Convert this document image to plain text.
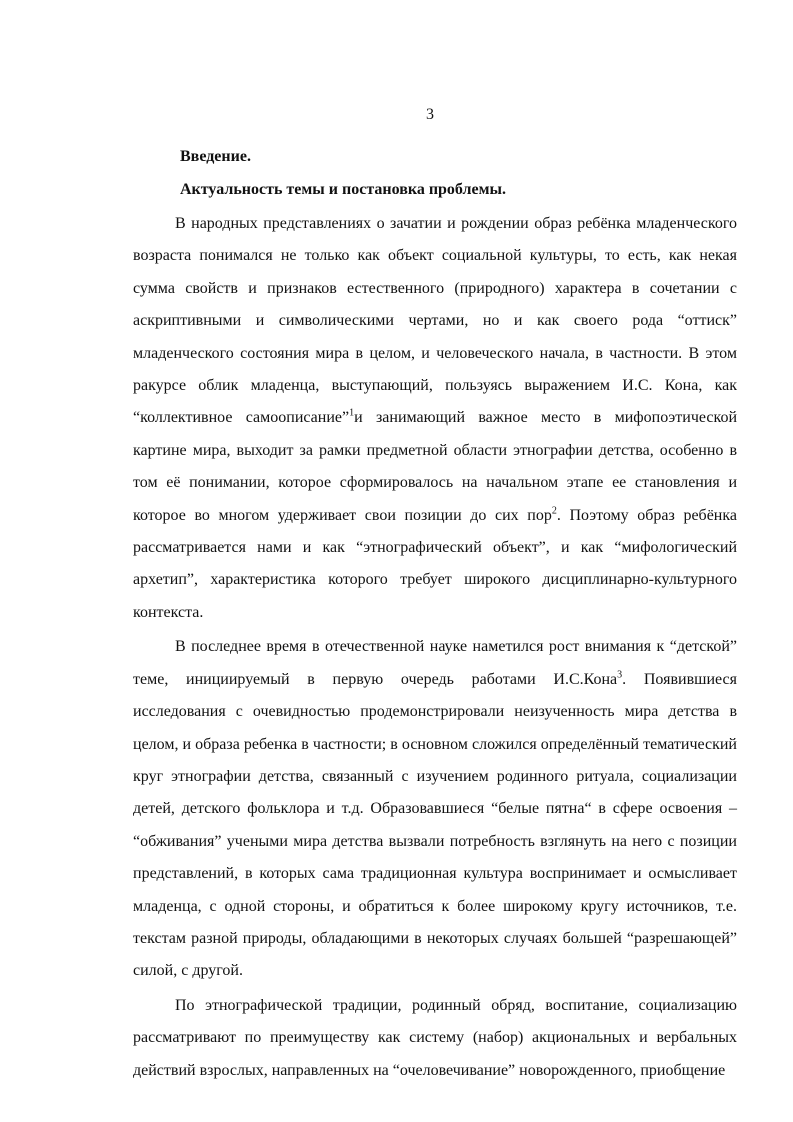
3
Введение.
Актуальность темы и постановка проблемы.

В народных представлениях о зачатии и рождении образ ребёнка младенческого возраста понимался не только как объект социальной культуры, то есть, как некая сумма свойств и признаков естественного (природного) характера в сочетании с аскриптивными и символическими чертами, но и как своего рода “оттиск” младенческого состояния мира в целом, и человеческого начала, в частности. В этом ракурсе облик младенца, выступающий, пользуясь выражением И.С. Кона, как “коллективное самоописание”$^1$и занимающий важное место в мифопоэтической картине мира, выходит за рамки предметной области этнографии детства, особенно в том её понимании, которое сформировалось на начальном этапе ее становления и которое во многом удерживает свои позиции до сих пор$^2$. Поэтому образ ребёнка рассматривается нами и как “этнографический объект”, и как “мифологический архетип”, характеристика которого требует широкого дисциплинарно-культурного контекста.

В последнее время в отечественной науке наметился рост внимания к “детской” теме, инициируемый в первую очередь работами И.С.Кона$^3$. Появившиеся исследования с очевидностью продемонстрировали неизученность мира детства в целом, и образа ребенка в частности; в основном сложился определённый тематический круг этнографии детства, связанный с изучением родинного ритуала, социализации детей, детского фольклора и т.д. Образовавшиеся “белые пятна“ в сфере освоения – “обживания” учеными мира детства вызвали потребность взглянуть на него с позиции представлений, в которых сама традиционная культура воспринимает и осмысливает младенца, с одной стороны, и обратиться к более широкому кругу источников, т.е. текстам разной природы, обладающими в некоторых случаях большей “разрешающей” силой, с другой.

По этнографической традиции, родинный обряд, воспитание, социализацию рассматривают по преимуществу как систему (набор) акциональных и вербальных действий взрослых, направленных на “очеловечивание” новорожденного, приобщение
